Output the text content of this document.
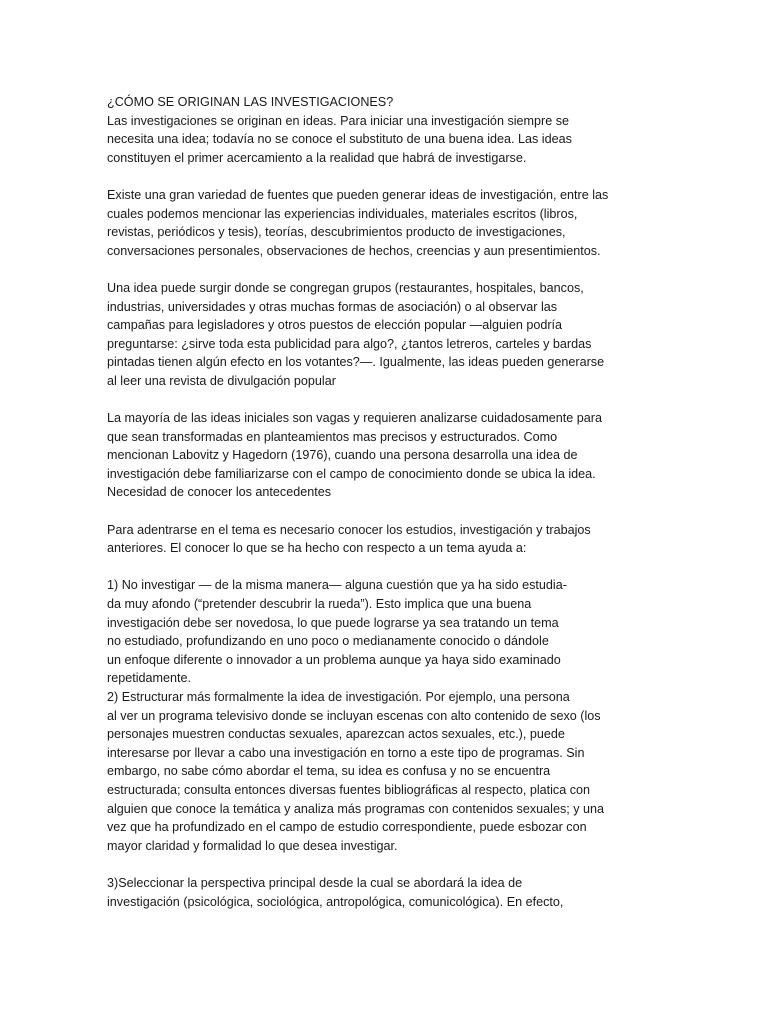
¿CÓMO SE ORIGINAN LAS INVESTIGACIONES?
Las investigaciones se originan en ideas. Para iniciar una investigación siempre se
necesita una idea; todavía no se conoce el substituto de una buena idea. Las ideas
constituyen el primer acercamiento a la realidad que habrá de investigarse.
Existe una gran variedad de fuentes que pueden generar ideas de investigación, entre las
cuales podemos mencionar las experiencias individuales, materiales escritos (libros,
revistas, periódicos y tesis), teorías, descubrimientos producto de investigaciones,
conversaciones personales, observaciones de hechos, creencias y aun presentimientos.
Una idea puede surgir donde se congregan grupos (restaurantes, hospitales, bancos,
industrias, universidades y otras muchas formas de asociación) o al observar las
campañas para legisladores y otros puestos de elección popular —alguien podría
preguntarse: ¿sirve toda esta publicidad para algo?, ¿tantos letreros, carteles y bardas
pintadas tienen algún efecto en los votantes?—. Igualmente, las ideas pueden generarse
al leer una revista de divulgación popular
La mayoría de las ideas iniciales son vagas y requieren analizarse cuidadosamente para
que sean transformadas en planteamientos mas precisos y estructurados. Como
mencionan Labovitz y Hagedorn (1976), cuando una persona desarrolla una idea de
investigación debe familiarizarse con el campo de conocimiento donde se ubica la idea.
Necesidad de conocer los antecedentes
Para adentrarse en el tema es necesario conocer los estudios, investigación y trabajos
anteriores. El conocer lo que se ha hecho con respecto a un tema ayuda a:
1) No investigar — de la misma manera— alguna cuestión que ya ha sido estudia-
da muy afondo (“pretender descubrir la rueda”). Esto implica que una buena
investigación debe ser novedosa, lo que puede lograrse ya sea tratando un tema
no estudiado, profundizando en uno poco o medianamente conocido o dándole
un enfoque diferente o innovador a un problema aunque ya haya sido examinado
repetidamente.
2) Estructurar más formalmente la idea de investigación. Por ejemplo, una persona
al ver un programa televisivo donde se incluyan escenas con alto contenido de sexo (los
personajes muestren conductas sexuales, aparezcan actos sexuales, etc.), puede
interesarse por llevar a cabo una investigación en torno a este tipo de programas. Sin
embargo, no sabe cómo abordar el tema, su idea es confusa y no se encuentra
estructurada; consulta entonces diversas fuentes bibliográficas al respecto, platica con
alguien que conoce la temática y analiza más programas con contenidos sexuales; y una
vez que ha profundizado en el campo de estudio correspondiente, puede esbozar con
mayor claridad y formalidad lo que desea investigar.
3)Seleccionar la perspectiva principal desde la cual se abordará la idea de
investigación (psicológica, sociológica, antropológica, comunicológica). En efecto,
